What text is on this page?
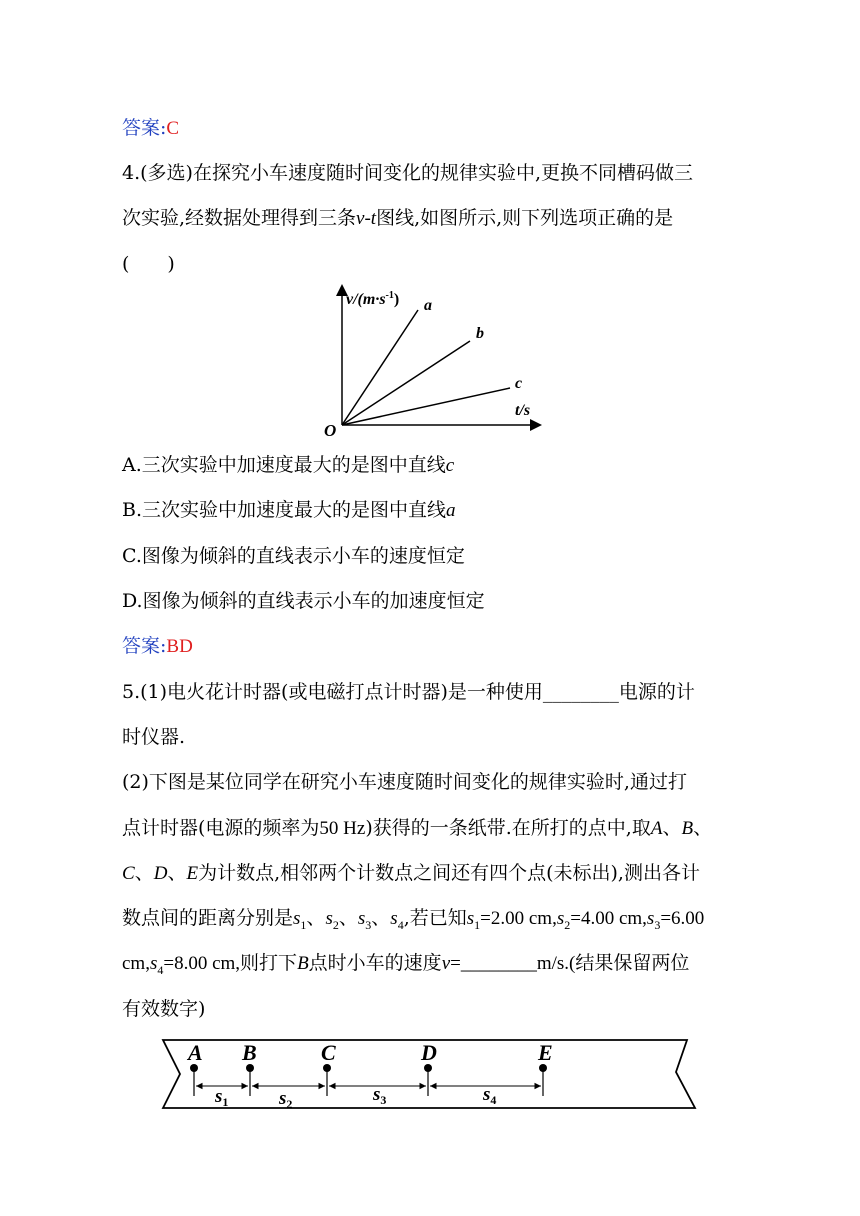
答案:C
4.(多选)在探究小车速度随时间变化的规律实验中,更换不同槽码做三
次实验,经数据处理得到三条v-t图线,如图所示,则下列选项正确的是
(　　)
$v/(m\cdot s^{-1})$ a
b
c
t/s
O
A.三次实验中加速度最大的是图中直线c
B.三次实验中加速度最大的是图中直线a
C.图像为倾斜的直线表示小车的速度恒定
D.图像为倾斜的直线表示小车的加速度恒定
答案:BD
5.(1)电火花计时器(或电磁打点计时器)是一种使用________电源的计
时仪器.
(2)下图是某位同学在研究小车速度随时间变化的规律实验时,通过打
点计时器(电源的频率为50 Hz)获得的一条纸带.在所打的点中,取A、B、
C、D、E为计数点,相邻两个计数点之间还有四个点(未标出),测出各计
数点间的距离分别是$s_1$、$s_2$、$s_3$、$s_4$,若已知$s_1=2.00$ $cm,s_2=4.00$ $cm,s_3=6.00$
$cm,s_4=8.00$ cm,则打下B点时小车的速度v=________m/s.(结果保留两位
有效数字)
A B	C	D	E
$s_1$	$s_2$	$s_3$	$s_4$
